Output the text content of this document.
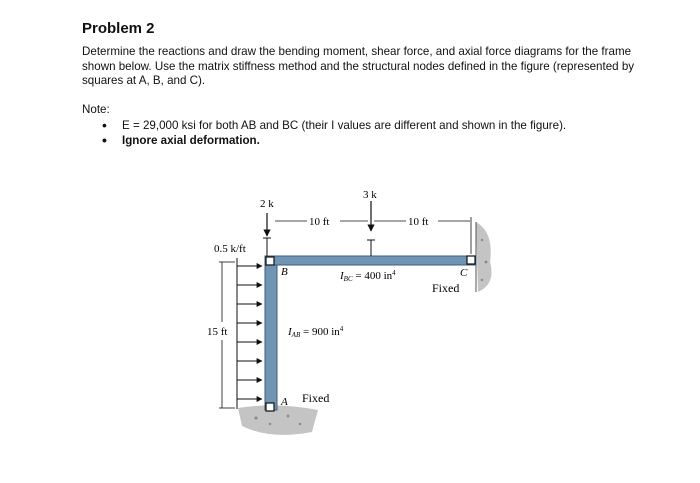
Problem 2
Determine the reactions and draw the bending moment, shear force, and axial force diagrams for the frame shown below. Use the matrix stiffness method and the structural nodes defined in the figure (represented by squares at A, B, and C).
Note:
• E = 29,000 ksi for both AB and BC (their I values are different and shown in the figure).
• Ignore axial deformation.
2 k
3 k
10 ft	10 ft
0.5 k/ft
15 ft
B
A
C
IBC = 400 $in^4$
IAB = 900 $in^4$
Fixed
Fixed
